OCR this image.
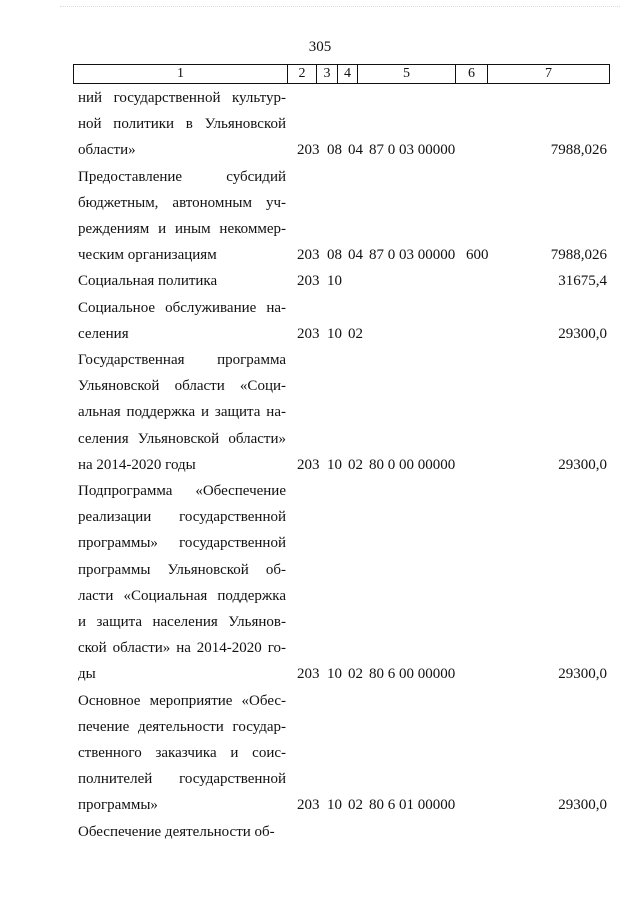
305
1	2	3 4	5	6	7
ний государственной культур-
ной политики в Ульяновской
области»	203 08 04 87 0 03 00000	7988,026
Предоставление субсидий
бюджетным, автономным уч-
реждениям и иным некоммер-
ческим организациям	203 08 04 87 0 03 00000 600	7988,026
Социальная политика	203 10	31675,4
Социальное обслуживание на-
селения	203 10 02	29300,0
Государственная программа
Ульяновской области «Соци-
альная поддержка и защита на-
селения Ульяновской области»
на 2014-2020 годы	203 10 02 80 0 00 00000	29300,0
Подпрограмма «Обеспечение
реализации государственной
программы» государственной
программы Ульяновской об-
ласти «Социальная поддержка
и защита населения Ульянов-
ской области» на 2014-2020 го-
ды	203 10 02 80 6 00 00000	29300,0
Основное мероприятие «Обес-
печение деятельности государ-
ственного заказчика и соис-
полнителей государственной
программы»	203 10 02 80 6 01 00000	29300,0
Обеспечение деятельности об-
